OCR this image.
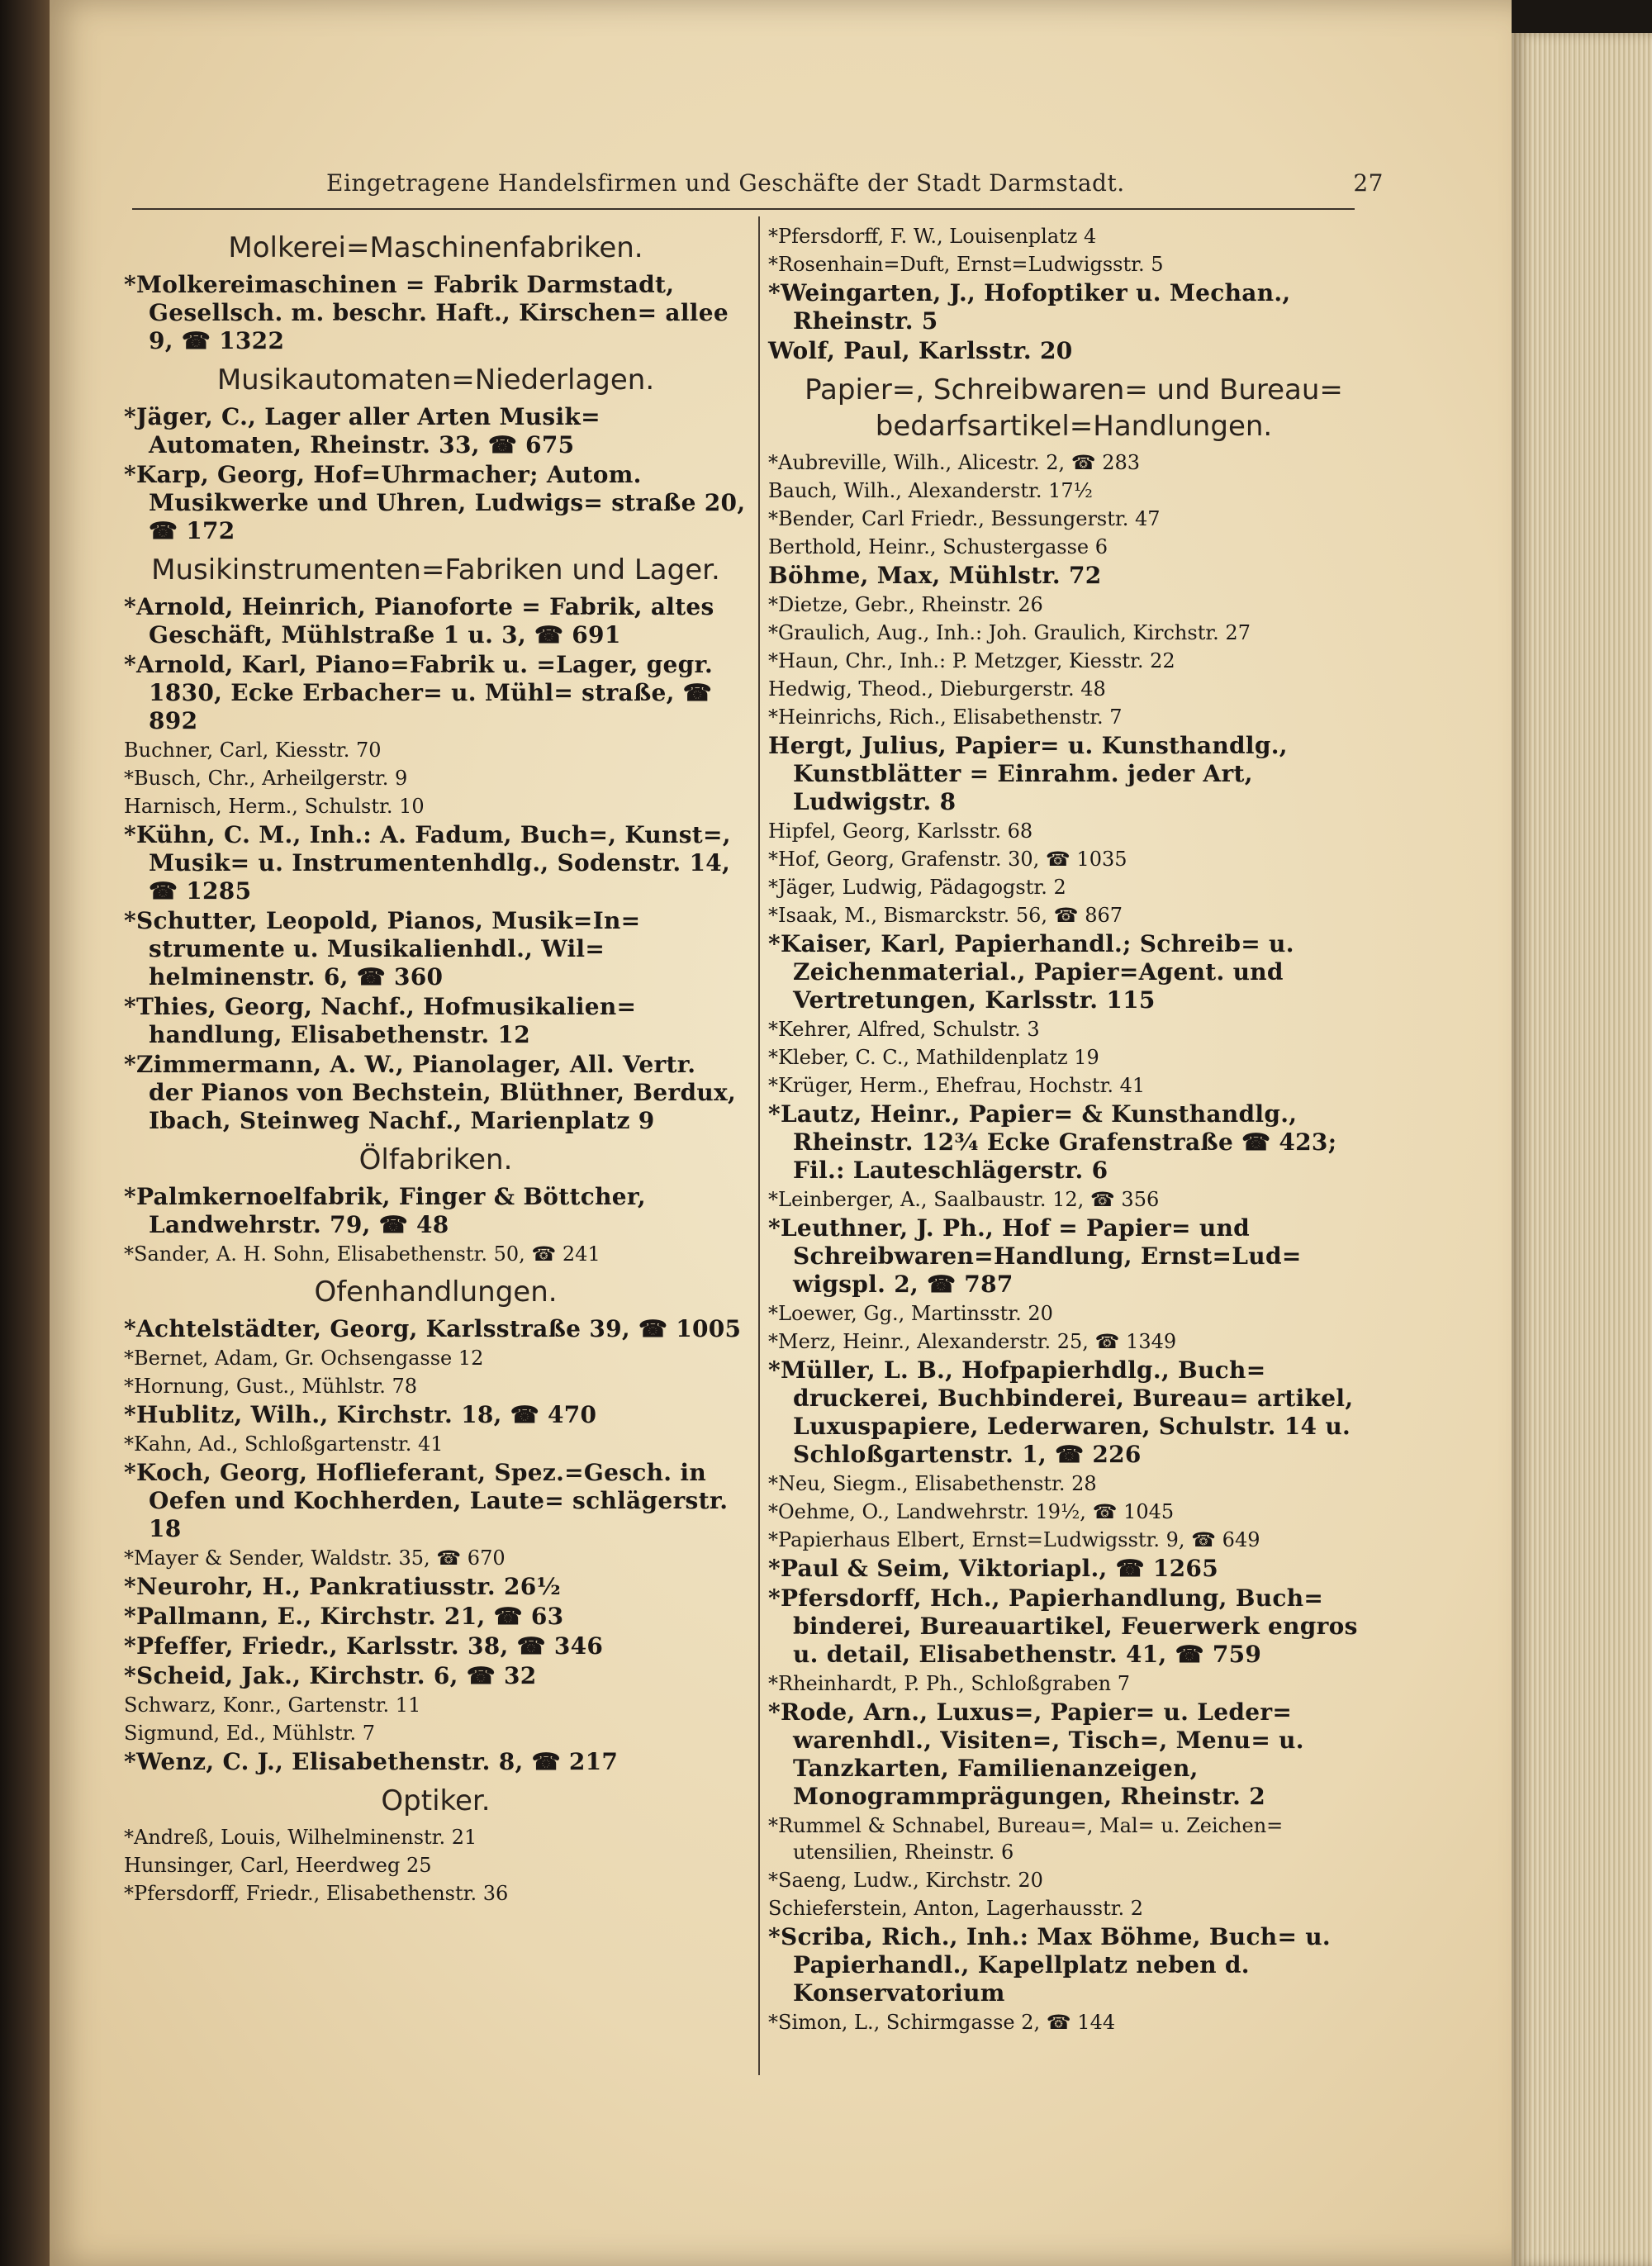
Eingetragene Handelsfirmen und Geschäfte der Stadt Darmstadt.	27
Molkerei=Maschinenfabriken.
*Molkereimaschinen = Fabrik Darmstadt, Gesellsch. m. beschr. Haft., Kirschen= allee 9, ☎ 1322
Musikautomaten=Niederlagen.
*Jäger, C., Lager aller Arten Musik= Automaten, Rheinstr. 33, ☎ 675
*Karp, Georg, Hof=Uhrmacher; Autom. Musikwerke und Uhren, Ludwigs= straße 20, ☎ 172
Musikinstrumenten=Fabriken und Lager.
*Arnold, Heinrich, Pianoforte = Fabrik, altes Geschäft, Mühlstraße 1 u. 3, ☎ 691
*Arnold, Karl, Piano=Fabrik u. =Lager, gegr. 1830, Ecke Erbacher= u. Mühl= straße, ☎ 892
Buchner, Carl, Kiesstr. 70
*Busch, Chr., Arheilgerstr. 9
Harnisch, Herm., Schulstr. 10
*Kühn, C. M., Inh.: A. Fadum, Buch=, Kunst=, Musik= u. Instrumentenhdlg., Sodenstr. 14, ☎ 1285
*Schutter, Leopold, Pianos, Musik=In= strumente u. Musikalienhdl., Wil= helminenstr. 6, ☎ 360
*Thies, Georg, Nachf., Hofmusikalien= handlung, Elisabethenstr. 12
*Zimmermann, A. W., Pianolager, All. Vertr. der Pianos von Bechstein, Blüthner, Berdux, Ibach, Steinweg Nachf., Marienplatz 9
Ölfabriken.
*Palmkernoelfabrik, Finger & Böttcher, Landwehrstr. 79, ☎ 48
*Sander, A. H. Sohn, Elisabethenstr. 50, ☎ 241
Ofenhandlungen.
*Achtelstädter, Georg, Karlsstraße 39, ☎ 1005
*Bernet, Adam, Gr. Ochsengasse 12
*Hornung, Gust., Mühlstr. 78
*Hublitz, Wilh., Kirchstr. 18, ☎ 470
*Kahn, Ad., Schloßgartenstr. 41
*Koch, Georg, Hoflieferant, Spez.=Gesch. in Oefen und Kochherden, Laute= schlägerstr. 18
*Mayer & Sender, Waldstr. 35, ☎ 670
*Neurohr, H., Pankratiusstr. 26½
*Pallmann, E., Kirchstr. 21, ☎ 63
*Pfeffer, Friedr., Karlsstr. 38, ☎ 346
*Scheid, Jak., Kirchstr. 6, ☎ 32
Schwarz, Konr., Gartenstr. 11
Sigmund, Ed., Mühlstr. 7
*Wenz, C. J., Elisabethenstr. 8, ☎ 217
Optiker.
*Andreß, Louis, Wilhelminenstr. 21
Hunsinger, Carl, Heerdweg 25
*Pfersdorff, Friedr., Elisabethenstr. 36
*Pfersdorff, F. W., Louisenplatz 4
*Rosenhain=Duft, Ernst=Ludwigsstr. 5
*Weingarten, J., Hofoptiker u. Mechan., Rheinstr. 5
Wolf, Paul, Karlsstr. 20
Papier=, Schreibwaren= und Bureau= bedarfsartikel=Handlungen.
*Aubreville, Wilh., Alicestr. 2, ☎ 283
Bauch, Wilh., Alexanderstr. 17½
*Bender, Carl Friedr., Bessungerstr. 47
Berthold, Heinr., Schustergasse 6
Böhme, Max, Mühlstr. 72
*Dietze, Gebr., Rheinstr. 26
*Graulich, Aug., Inh.: Joh. Graulich, Kirchstr. 27
*Haun, Chr., Inh.: P. Metzger, Kiesstr. 22
Hedwig, Theod., Dieburgerstr. 48
*Heinrichs, Rich., Elisabethenstr. 7
Hergt, Julius, Papier= u. Kunsthandlg., Kunstblätter = Einrahm. jeder Art, Ludwigstr. 8
Hipfel, Georg, Karlsstr. 68
*Hof, Georg, Grafenstr. 30, ☎ 1035
*Jäger, Ludwig, Pädagogstr. 2
*Isaak, M., Bismarckstr. 56, ☎ 867
*Kaiser, Karl, Papierhandl.; Schreib= u. Zeichenmaterial., Papier=Agent. und Vertretungen, Karlsstr. 115
*Kehrer, Alfred, Schulstr. 3
*Kleber, C. C., Mathildenplatz 19
*Krüger, Herm., Ehefrau, Hochstr. 41
*Lautz, Heinr., Papier= & Kunsthandlg., Rheinstr. 12¾ Ecke Grafenstraße ☎ 423; Fil.: Lauteschlägerstr. 6
*Leinberger, A., Saalbaustr. 12, ☎ 356
*Leuthner, J. Ph., Hof = Papier= und Schreibwaren=Handlung, Ernst=Lud= wigspl. 2, ☎ 787
*Loewer, Gg., Martinsstr. 20
*Merz, Heinr., Alexanderstr. 25, ☎ 1349
*Müller, L. B., Hofpapierhdlg., Buch= druckerei, Buchbinderei, Bureau= artikel, Luxuspapiere, Lederwaren, Schulstr. 14 u. Schloßgartenstr. 1, ☎ 226
*Neu, Siegm., Elisabethenstr. 28
*Oehme, O., Landwehrstr. 19½, ☎ 1045
*Papierhaus Elbert, Ernst=Ludwigsstr. 9, ☎ 649
*Paul & Seim, Viktoriapl., ☎ 1265
*Pfersdorff, Hch., Papierhandlung, Buch= binderei, Bureauartikel, Feuerwerk engros u. detail, Elisabethenstr. 41, ☎ 759
*Rheinhardt, P. Ph., Schloßgraben 7
*Rode, Arn., Luxus=, Papier= u. Leder= warenhdl., Visiten=, Tisch=, Menu= u. Tanzkarten, Familienanzeigen, Monogrammprägungen, Rheinstr. 2
*Rummel & Schnabel, Bureau=, Mal= u. Zeichen= utensilien, Rheinstr. 6
*Saeng, Ludw., Kirchstr. 20
Schieferstein, Anton, Lagerhausstr. 2
*Scriba, Rich., Inh.: Max Böhme, Buch= u. Papierhandl., Kapellplatz neben d. Konservatorium
*Simon, L., Schirmgasse 2, ☎ 144
